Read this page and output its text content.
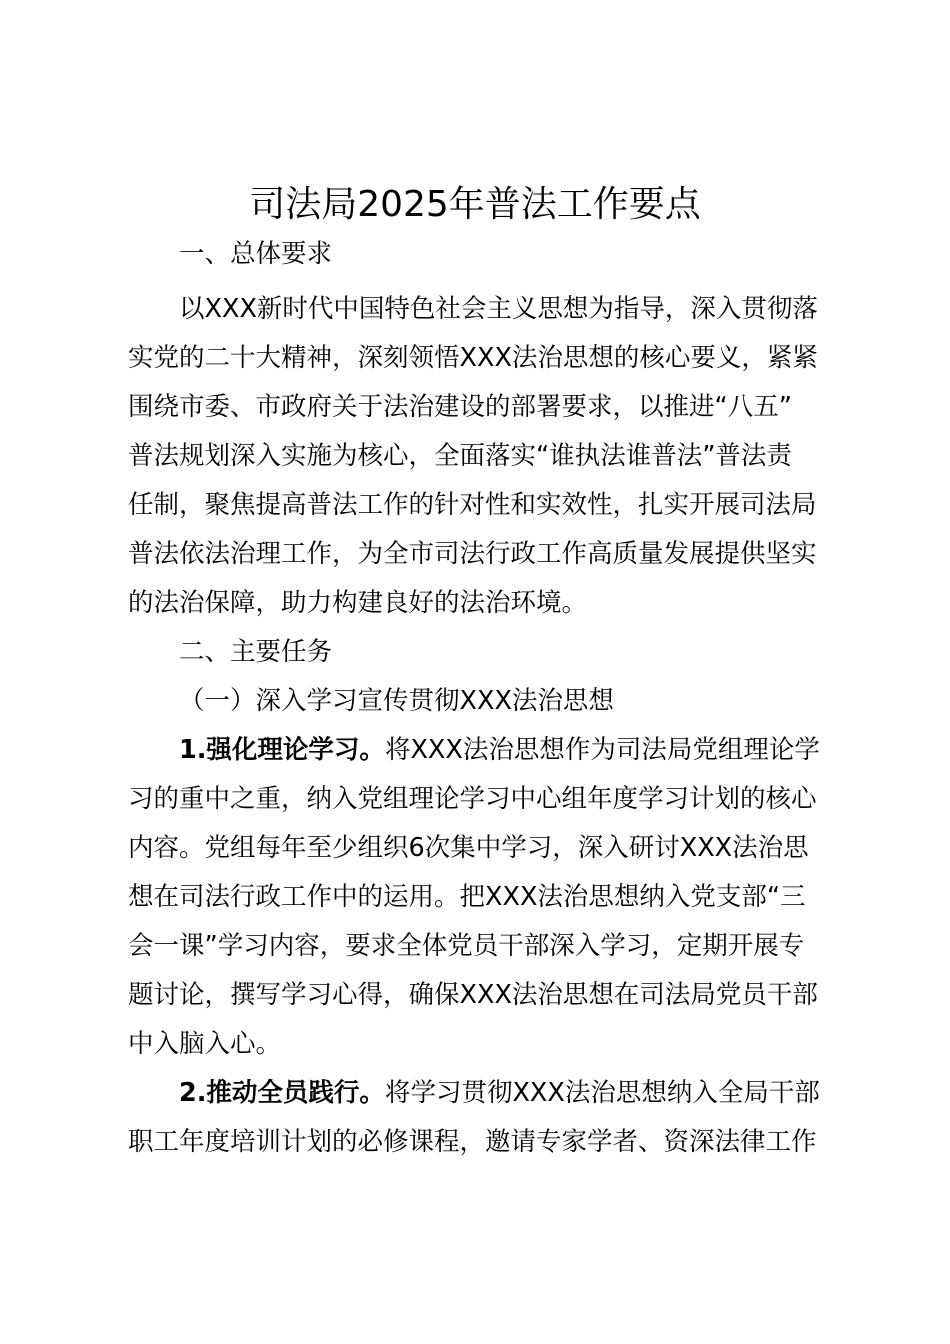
司法局2025年普法工作要点
一、总体要求
以XXX新时代中国特色社会主义思想为指导，深入贯彻落
实党的二十大精神，深刻领悟XXX法治思想的核心要义，紧紧
围绕市委、市政府关于法治建设的部署要求，以推进“八五”
普法规划深入实施为核心，全面落实“谁执法谁普法”普法责
任制，聚焦提高普法工作的针对性和实效性，扎实开展司法局
普法依法治理工作，为全市司法行政工作高质量发展提供坚实
的法治保障，助力构建良好的法治环境。
二、主要任务
（一）深入学习宣传贯彻XXX法治思想
1.强化理论学习。将XXX法治思想作为司法局党组理论学
习的重中之重，纳入党组理论学习中心组年度学习计划的核心
内容。党组每年至少组织6次集中学习，深入研讨XXX法治思
想在司法行政工作中的运用。把XXX法治思想纳入党支部“三
会一课”学习内容，要求全体党员干部深入学习，定期开展专
题讨论，撰写学习心得，确保XXX法治思想在司法局党员干部
中入脑入心。
2.推动全员践行。将学习贯彻XXX法治思想纳入全局干部
职工年度培训计划的必修课程，邀请专家学者、资深法律工作
